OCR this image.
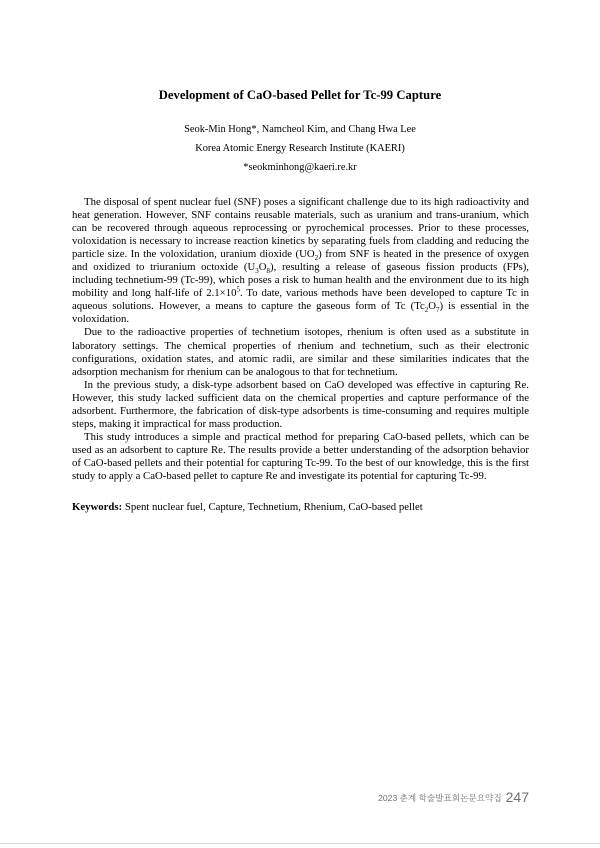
Development of CaO-based Pellet for Tc-99 Capture
Seok-Min Hong*, Namcheol Kim, and Chang Hwa Lee
Korea Atomic Energy Research Institute (KAERI)
*seokminhong@kaeri.re.kr

The disposal of spent nuclear fuel (SNF) poses a significant challenge due to its high radioactivity and heat generation. However, SNF contains reusable materials, such as uranium and trans-uranium, which can be recovered through aqueous reprocessing or pyrochemical processes. Prior to these processes, voloxidation is necessary to increase reaction kinetics by separating fuels from cladding and reducing the particle size. In the voloxidation, uranium dioxide $(UO_2)$ from SNF is heated in the presence of oxygen and oxidized to triuranium octoxide $(U_3O_8)$, resulting a release of gaseous fission products (FPs), including technetium-99 (Tc-99), which poses a risk to human health and the environment due to its high mobility and long half-life of $2.1\times 10^5$. To date, various methods have been developed to capture Tc in aqueous solutions. However, a means to capture the gaseous form of Tc $(Tc_2O_7)$ is essential in the voloxidation.

Due to the radioactive properties of technetium isotopes, rhenium is often used as a substitute in laboratory settings. The chemical properties of rhenium and technetium, such as their electronic configurations, oxidation states, and atomic radii, are similar and these similarities indicates that the adsorption mechanism for rhenium can be analogous to that for technetium.

In the previous study, a disk-type adsorbent based on CaO developed was effective in capturing Re. However, this study lacked sufficient data on the chemical properties and capture performance of the adsorbent. Furthermore, the fabrication of disk-type adsorbents is time-consuming and requires multiple steps, making it impractical for mass production.

This study introduces a simple and practical method for preparing CaO-based pellets, which can be used as an adsorbent to capture Re. The results provide a better understanding of the adsorption behavior of CaO-based pellets and their potential for capturing Tc-99. To the best of our knowledge, this is the first study to apply a CaO-based pellet to capture Re and investigate its potential for capturing Tc-99.

Keywords: Spent nuclear fuel, Capture, Technetium, Rhenium, CaO-based pellet
2023 춘계 학술발표회논문요약집 247
